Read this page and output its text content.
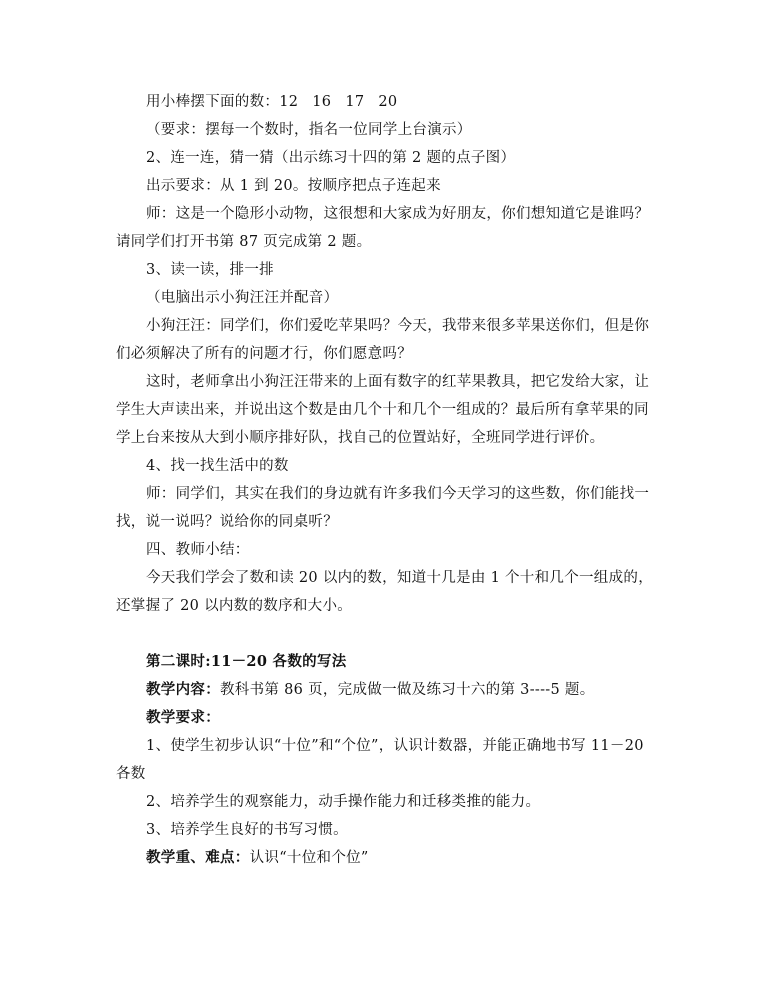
用小棒摆下面的数：12 16 17 20

（要求：摆每一个数时，指名一位同学上台演示）

2、连一连，猜一猜（出示练习十四的第 2 题的点子图）

出示要求：从 1 到 20。按顺序把点子连起来

师：这是一个隐形小动物，这很想和大家成为好朋友，你们想知道它是谁吗？请同学们打开书第 87 页完成第 2 题。

3、读一读，排一排

（电脑出示小狗汪汪并配音）

小狗汪汪：同学们，你们爱吃苹果吗？今天，我带来很多苹果送你们，但是你们必须解决了所有的问题才行，你们愿意吗？

这时，老师拿出小狗汪汪带来的上面有数字的红苹果教具，把它发给大家，让学生大声读出来，并说出这个数是由几个十和几个一组成的？最后所有拿苹果的同学上台来按从大到小顺序排好队，找自己的位置站好，全班同学进行评价。

4、找一找生活中的数

师：同学们，其实在我们的身边就有许多我们今天学习的这些数，你们能找一找，说一说吗？说给你的同桌听？

四、教师小结：

今天我们学会了数和读 20 以内的数，知道十几是由 1 个十和几个一组成的，还掌握了 20 以内数的数序和大小。

第二课时:11－20 各数的写法

教学内容：教科书第 86 页，完成做一做及练习十六的第 3----5 题。

教学要求：

1、使学生初步认识“十位”和“个位”，认识计数器，并能正确地书写 11－20 各数

2、培养学生的观察能力，动手操作能力和迁移类推的能力。

3、培养学生良好的书写习惯。

教学重、难点：认识“十位和个位”
